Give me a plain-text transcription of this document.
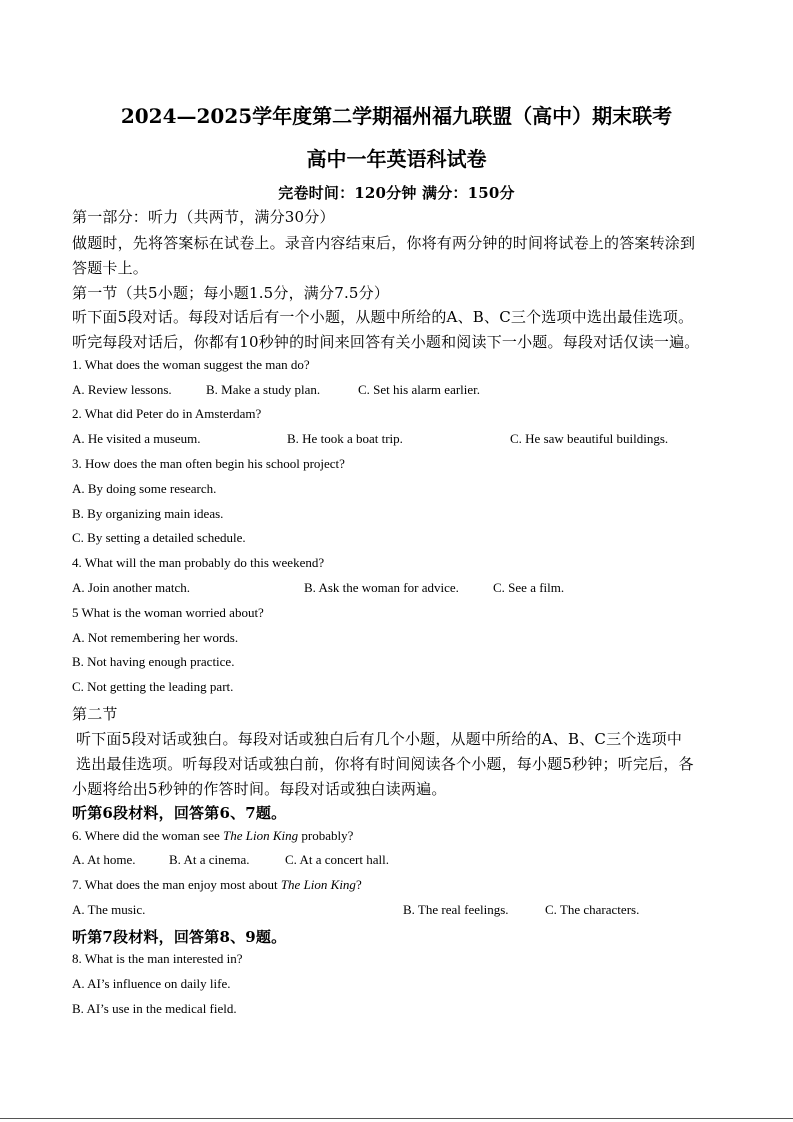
2024—2025学年度第二学期福州福九联盟（高中）期末联考
高中一年英语科试卷
完卷时间：120分钟 满分：150分
第一部分：听力（共两节，满分30分）
做题时，先将答案标在试卷上。录音内容结束后，你将有两分钟的时间将试卷上的答案转涂到
答题卡上。
第一节（共5小题；每小题1.5分，满分7.5分）
听下面5段对话。每段对话后有一个小题，从题中所给的A、B、C三个选项中选出最佳选项。
听完每段对话后，你都有10秒钟的时间来回答有关小题和阅读下一小题。每段对话仅读一遍。
1. What does the woman suggest the man do?
A. Review lessons.	B. Make a study plan.	C. Set his alarm earlier.
2. What did Peter do in Amsterdam?
A. He visited a museum.	B. He took a boat trip.	C. He saw beautiful buildings.
3. How does the man often begin his school project?
A. By doing some research.
B. By organizing main ideas.
C. By setting a detailed schedule.
4. What will the man probably do this weekend?
A. Join another match.	B. Ask the woman for advice.	C. See a film.
5 What is the woman worried about?
A. Not remembering her words.
B. Not having enough practice.
C. Not getting the leading part.
第二节
听下面5段对话或独白。每段对话或独白后有几个小题，从题中所给的A、B、C三个选项中
选出最佳选项。听每段对话或独白前，你将有时间阅读各个小题，每小题5秒钟；听完后，各
小题将给出5秒钟的作答时间。每段对话或独白读两遍。
听第6段材料，回答第6、7题。
6. Where did the woman see The Lion King probably?
A. At home.	B. At a cinema.	C. At a concert hall.
7. What does the man enjoy most about The Lion King?
A. The music.	B. The real feelings.	C. The characters.
听第7段材料，回答第8、9题。
8. What is the man interested in?
A. AI’s influence on daily life.
B. AI’s use in the medical field.
